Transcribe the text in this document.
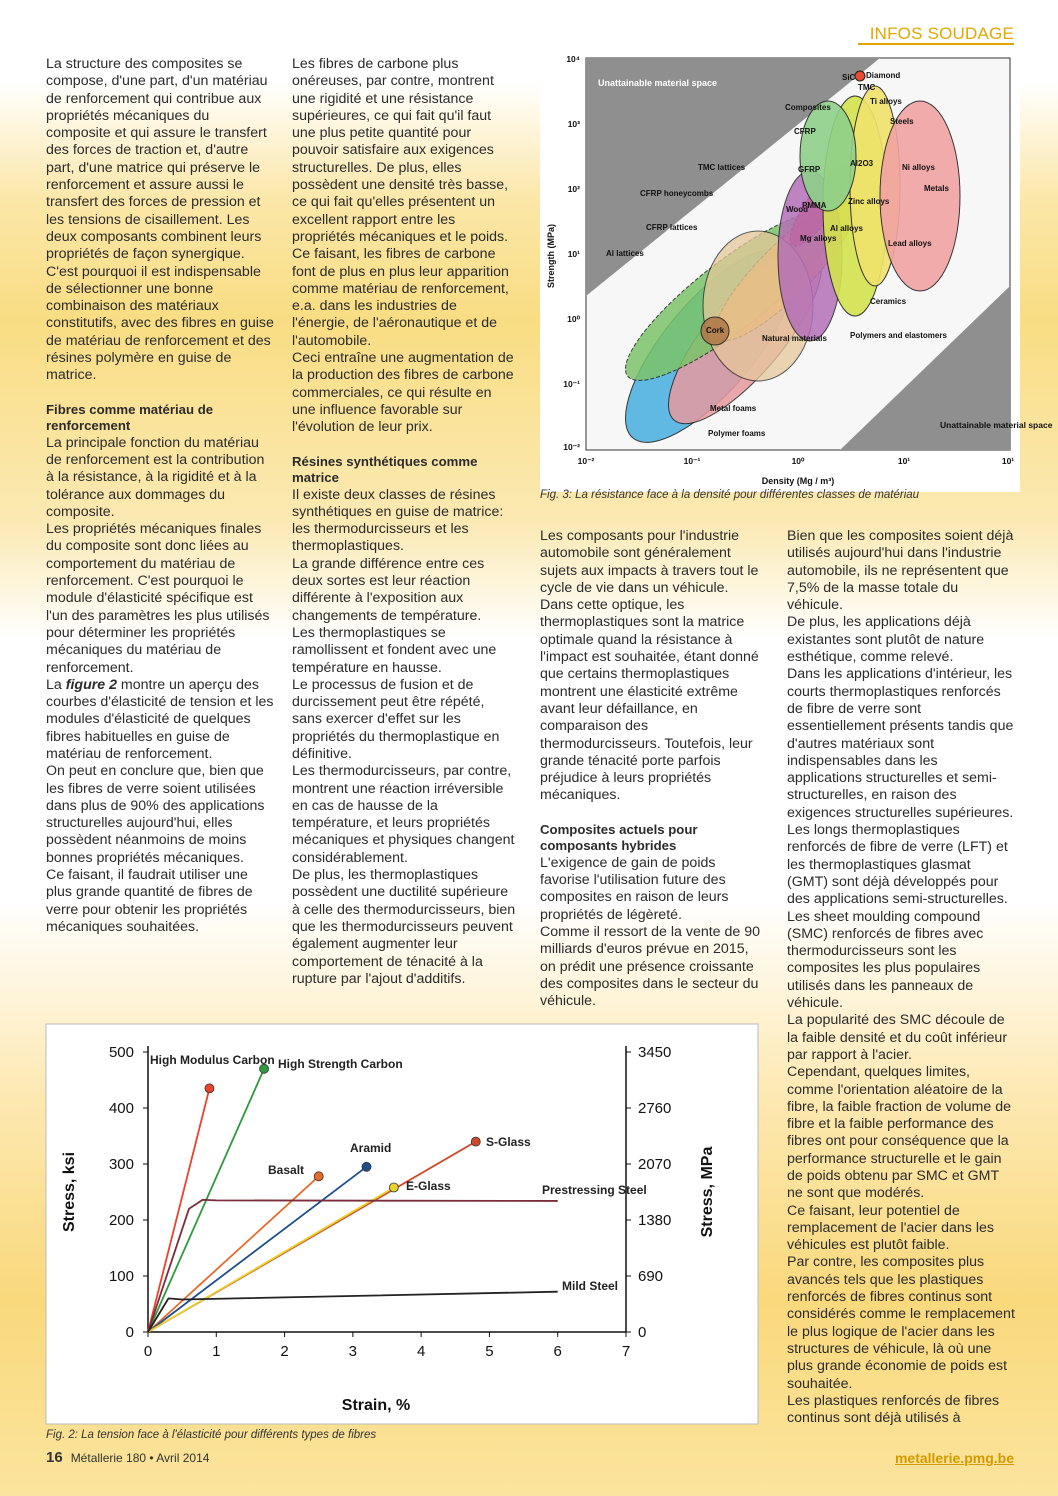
INFOS SOUDAGE

La structure des composites se compose, d'une part, d'un matériau de renforcement qui contribue aux propriétés mécaniques du composite et qui assure le transfert des forces de traction et, d'autre part, d'une matrice qui préserve le renforcement et assure aussi le transfert des forces de pression et les tensions de cisaillement. Les deux composants combinent leurs propriétés de façon synergique. C'est pourquoi il est indispensable de sélectionner une bonne combinaison des matériaux constitutifs, avec des fibres en guise de matériau de renforcement et des résines polymère en guise de matrice.

Fibres comme matériau de renforcement

La principale fonction du matériau de renforcement est la contribution à la résistance, à la rigidité et à la tolérance aux dommages du composite.

Les propriétés mécaniques finales du composite sont donc liées au comportement du matériau de renforcement. C'est pourquoi le module d'élasticité spécifique est l'un des paramètres les plus utilisés pour déterminer les propriétés mécaniques du matériau de renforcement.

La figure 2 montre un aperçu des courbes d'élasticité de tension et les modules d'élasticité de quelques fibres habituelles en guise de matériau de renforcement.

On peut en conclure que, bien que les fibres de verre soient utilisées dans plus de 90% des applications structurelles aujourd'hui, elles possèdent néanmoins de moins bonnes propriétés mécaniques.

Ce faisant, il faudrait utiliser une plus grande quantité de fibres de verre pour obtenir les propriétés mécaniques souhaitées.

Les fibres de carbone plus onéreuses, par contre, montrent une rigidité et une résistance supérieures, ce qui fait qu'il faut une plus petite quantité pour pouvoir satisfaire aux exigences structurelles. De plus, elles possèdent une densité très basse, ce qui fait qu'elles présentent un excellent rapport entre les propriétés mécaniques et le poids.

Ce faisant, les fibres de carbone font de plus en plus leur apparition comme matériau de renforcement, e.a. dans les industries de l'énergie, de l'aéronautique et de l'automobile.

Ceci entraîne une augmentation de la production des fibres de carbone commerciales, ce qui résulte en une influence favorable sur l'évolution de leur prix.

Résines synthétiques comme matrice

Il existe deux classes de résines synthétiques en guise de matrice: les thermodurcisseurs et les thermoplastiques.

La grande différence entre ces deux sortes est leur réaction différente à l'exposition aux changements de température.

Les thermoplastiques se ramollissent et fondent avec une température en hausse.

Le processus de fusion et de durcissement peut être répété, sans exercer d'effet sur les propriétés du thermoplastique en définitive.

Les thermodurcisseurs, par contre, montrent une réaction irréversible en cas de hausse de la température, et leurs propriétés mécaniques et physiques changent considérablement.

De plus, les thermoplastiques possèdent une ductilité supérieure à celle des thermodurcisseurs, bien que les thermodurcisseurs peuvent également augmenter leur comportement de ténacité à la rupture par l'ajout d'additifs.

Unattainable material space
Unattainable material space
Diamond
SiC
TMC
Ti alloys
Composites
Steels
CFRP
TMC lattices	GFRP
Al2O3	Ni alloys
CFRP honeycombs
PMMA
Wood
Zinc alloys
Metals
CFRP lattices
Mg alloys
Al alloys
Lead alloys
Al lattices
Ceramics
Cork
Natural materials	Polymers and elastomers
Metal foams
Polymer foams
10⁴
10³
10²
10¹
10⁰
10⁻¹
10⁻²
10⁻²	10⁻¹	10⁰	10¹	10¹
Strength (MPa)
Density (Mg / m³)
Fig. 3: La résistance face à la densité pour différentes classes de matériau

Les composants pour l'industrie automobile sont généralement sujets aux impacts à travers tout le cycle de vie dans un véhicule. Dans cette optique, les thermoplastiques sont la matrice optimale quand la résistance à l'impact est souhaitée, étant donné que certains thermoplastiques montrent une élasticité extrême avant leur défaillance, en comparaison des thermodurcisseurs. Toutefois, leur grande ténacité porte parfois préjudice à leurs propriétés mécaniques.

Composites actuels pour composants hybrides

L'exigence de gain de poids favorise l'utilisation future des composites en raison de leurs propriétés de légèreté.

Comme il ressort de la vente de 90 milliards d'euros prévue en 2015, on prédit une présence croissante des composites dans le secteur du véhicule.

Bien que les composites soient déjà utilisés aujourd'hui dans l'industrie automobile, ils ne représentent que 7,5% de la masse totale du véhicule.

De plus, les applications déjà existantes sont plutôt de nature esthétique, comme relevé.

Dans les applications d'intérieur, les courts thermoplastiques renforcés de fibre de verre sont essentiellement présents tandis que d'autres matériaux sont indispensables dans les applications structurelles et semi-structurelles, en raison des exigences structurelles supérieures.

Les longs thermoplastiques renforcés de fibre de verre (LFT) et les thermoplastiques glasmat (GMT) sont déjà développés pour des applications semi-structurelles.

Les sheet moulding compound (SMC) renforcés de fibres avec thermodurcisseurs sont les composites les plus populaires utilisés dans les panneaux de véhicule.

La popularité des SMC découle de la faible densité et du coût inférieur par rapport à l'acier.

Cependant, quelques limites, comme l'orientation aléatoire de la fibre, la faible fraction de volume de fibre et la faible performance des fibres ont pour conséquence que la performance structurelle et le gain de poids obtenu par SMC et GMT ne sont que modérés.

Ce faisant, leur potentiel de remplacement de l'acier dans les véhicules est plutôt faible.

Par contre, les composites plus avancés tels que les plastiques renforcés de fibres continus sont considérés comme le remplacement le plus logique de l'acier dans les structures de véhicule, là où une plus grande économie de poids est souhaitée.

Les plastiques renforcés de fibres continus sont déjà utilisés à

0	1	2	3	4	5	6	7
0
100
200
300
400
500
0
690
1380
2070
2760
3450
High Modulus Carbon High Strength Carbon
Basalt
Aramid	S-Glass
E-Glass	Prestressing Steel
Mild Steel
Strain, %
Stress, ksi	Stress, MPa
Fig. 2: La tension face à l'élasticité pour différents types de fibres
16 Métallerie 180 • Avril 2014	metallerie.pmg.be
